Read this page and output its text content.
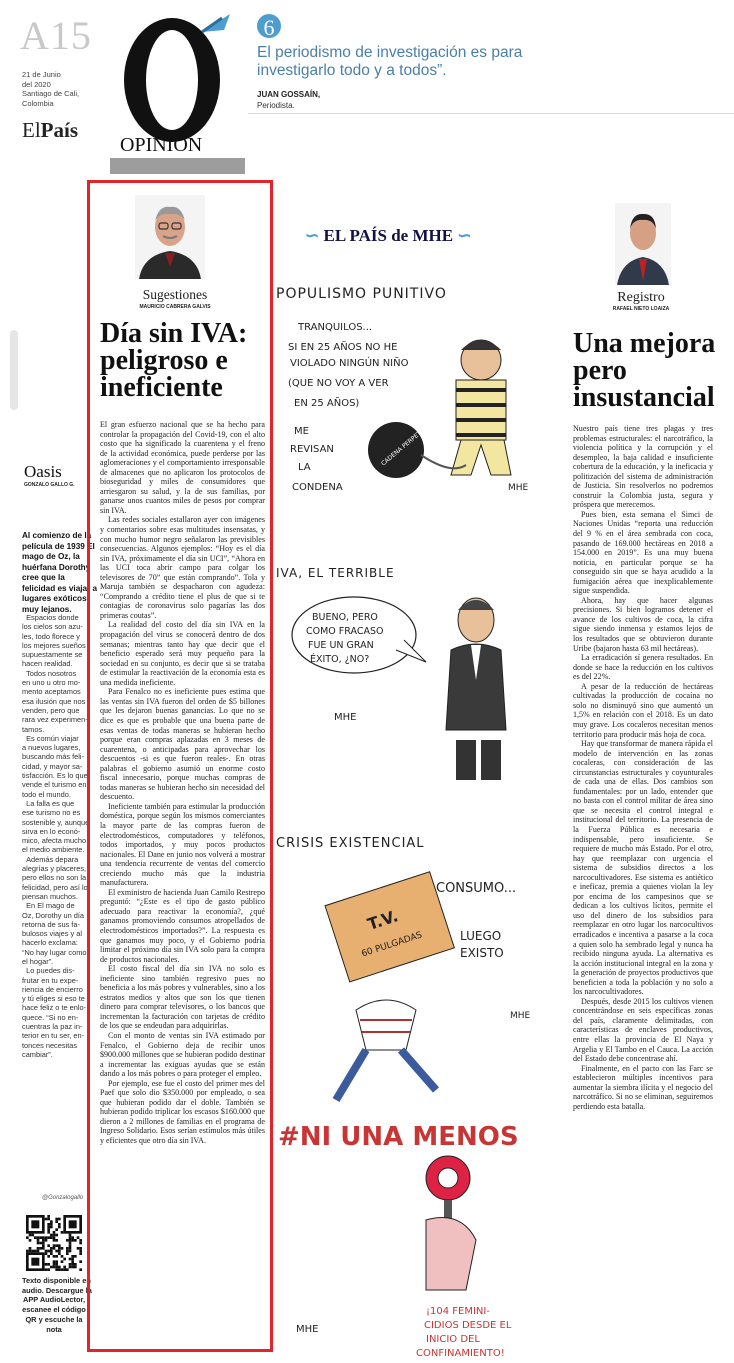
A15
21 de Junio
del 2020
Santiago de Cali,
Colombia
ElPaís
OPINIÓN
6
El periodismo de investigación es para investigarlo todo y a todos”.
JUAN GOSSAÍN,
Periodista.
Oasis
GONZALO GALLO G.
Al comienzo de la
película de 1939 El
mago de Oz, la
huérfana Dorothy
cree que la
felicidad es viajar a
lugares exóticos
muy lejanos.
Espacios donde
los cielos son azu-
les, todo florece y
los mejores sueños
supuestamente se
hacen realidad.
Todos nosotros
en uno u otro mo-
mento aceptamos
esa ilusión que nos
venden, pero que
rara vez experimen-
tamos.
Es común viajar
a nuevos lugares,
buscando más feli-
cidad, y mayor sa-
tisfacción. Es lo que
vende el turismo en
todo el mundo.
La falla es que
ese turismo no es
sostenible y, aunque
sirva en lo econó-
mico, afecta mucho
el medio ambiente.
Además depara
alegrías y placeres,
pero ellos no son la
felicidad, pero así lo
piensan muchos.
En El mago de
Oz, Dorothy un día
retorna de sus fa-
bulosos viajes y al
hacerlo exclama:
“No hay lugar como
el hogar”.
Lo puedes dis-
frutar en tu expe-
riencia de encierro
y tú eliges si eso te
hace feliz o te enlo-
quece. “Si no en-
cuentras la paz in-
terior en tu ser, en-
tonces necesitas
cambiar”.
@Gonzalogallo
Texto disponible en
audio. Descargue la
APP AudioLector,
escanee el código
QR y escuche la
nota
Sugestiones
MAURICIO CABRERA GALVIS
Día sin IVA:
peligroso e
ineficiente

El gran esfuerzo nacional que se ha hecho para controlar la propagación del Covid-19, con el alto costo que ha significado la cuarentena y el freno de la actividad económica, puede perderse por las aglomeraciones y el comportamiento irresponsable de almacenes que no aplicaron los protocolos de bioseguridad y miles de consumidores que arriesgaron su salud, y la de sus familias, por ganarse unos cuantos miles de pesos por comprar sin IVA.

 Las redes sociales estallaron ayer con imágenes y comentarios sobre esas multitudes insensatas, y con mucho humor negro señalaron las previsibles consecuencias. Algunos ejemplos: “Hoy es el día sin IVA, próximamente el día sin UCI”, “Ahora en las UCI toca abrir campo para colgar los televisores de 70” que están comprando”. Tola y Maruja también se despacharon con agudeza: “Comprando a crédito tiene el plus de que si te contagias de coronavirus solo pagarías las dos primeras coutas”.

 La realidad del costo del día sin IVA en la propagación del virus se conocerá dentro de dos semanas; mientras tanto hay que decir que el beneficio esperado será muy pequeño para la sociedad en su conjunto, es decir que si se trataba de estimular la reactivación de la economía esta es una medida ineficiente.

 Para Fenalco no es ineficiente pues estima que las ventas sin IVA fueron del orden de $5 billones que les dejaron buenas ganancias. Lo que no se dice es que es probable que una buena parte de esas ventas de todas maneras se hubieran hecho porque eran compras aplazadas en 3 meses de cuarentena, o anticipadas para aprovechar los descuentos -si es que fueron reales-. En otras palabras el gobierno asumió un enorme costo fiscal innecesario, porque muchas compras de todas maneras se hubieran hecho sin necesidad del descuento.

 Ineficiente también para estimular la producción doméstica, porque según los mismos comerciantes la mayor parte de las compras fueron de electrodomésticos, computadores y teléfonos, todos importados, y muy pocos productos nacionales. El Dane en junio nos volverá a mostrar una tendencia recurrente de ventas del comercio creciendo mucho más que la industria manufacturera.

 El exministro de hacienda Juan Camilo Restrepo preguntó: “¿Este es el tipo de gasto público adecuado para reactivar la economía?, ¿qué ganamos promoviendo consumos atropellados de electrodomésticos importados?”. La respuesta es que ganamos muy poco, y el Gobierno podría limitar el próximo día sin IVA solo para la compra de productos nacionales.

 El costo fiscal del día sin IVA no solo es ineficiente sino también regresivo pues no beneficia a los más pobres y vulnerables, sino a los estratos medios y altos que son los que tienen dinero para comprar televisores, o los bancos que incrementan la facturación con tarjetas de crédito de los que se endeudan para adquirirlas.

 Con el monto de ventas sin IVA estimado por Fenalco, el Gobierno deja de recibir unos $900.000 millones que se hubieran podido destinar a incrementar las exiguas ayudas que se están dando a los más pobres o para proteger el empleo.

 Por ejemplo, ese fue el costo del primer mes del Paef que solo dio $350.000 por empleado, o sea que hubieran podido dar el doble. También se hubieran podido triplicar los escasos $160.000 que dieron a 2 millones de familias en el programa de Ingreso Solidario. Esos serían estímulos más útiles y eficientes que otro día sin IVA.

∽ EL PAÍS de MHE ∽
POPULISMO PUNITIVO
TRANQUILOS...
SI EN 25 AÑOS NO HE
VIOLADO NINGÚN NIÑO
(QUE NO VOY A VER
EN 25 AÑOS)
ME
REVISAN
LA
CONDENA
CADENA PERPETUA
MHE
IVA, EL TERRIBLE
BUENO, PERO
COMO FRACASO
FUE UN GRAN
ÉXITO, ¿NO?
MHE
CRISIS EXISTENCIAL
CONSUMO...
T.V.
60 PULGADAS	LUEGO
EXISTO
MHE
#NI UNA MENOS
¡104 FEMINI-
CIDIOS DESDE EL
INICIO DEL
CONFINAMIENTO!
MHE
Registro
RAFAEL NIETO LOAIZA
Una mejora
pero
insustancial

Nuestro país tiene tres plagas y tres problemas estructurales: el narcotráfico, la violencia política y la corrupción y el desempleo, la baja calidad e insuficiente cobertura de la educación, y la ineficacia y politización del sistema de administración de Justicia. Sin resolverlos no podremos construir la Colombia justa, segura y próspera que merecemos.

 Pues bien, esta semana el Simci de Naciones Unidas “reporta una reducción del 9 % en el área sembrada con coca, pasando de 169.000 hectáreas en 2018 a 154.000 en 2019”. Es una muy buena noticia, en particular porque se ha conseguido sin que se haya acudido a la fumigación aérea que inexplicablemente sigue suspendida.

 Ahora, hay que hacer algunas precisiones. Si bien logramos detener el avance de los cultivos de coca, la cifra sigue siendo inmensa y estamos lejos de los resultados que se obtuvieron durante Uribe (bajaron hasta 63 mil hectáreas).

 La erradicación sí genera resultados. En donde se hace la reducción en los cultivos es del 22%.

 A pesar de la reducción de hectáreas cultivadas la producción de cocaína no solo no disminuyó sino que aumentó un 1,5% en relación con el 2018. Es un dato muy grave. Los cocaleros necesitan menos territorio para producir más hoja de coca.

 Hay que transformar de manera rápida el modelo de intervención en las zonas cocaleras, con consideración de las circunstancias estructurales y coyunturales de cada una de ellas. Dos cambios son fundamentales: por un lado, entender que no basta con el control militar de área sino que se necesita el control integral e institucional del territorio. La presencia de la Fuerza Pública es necesaria e indispensable, pero insuficiente. Se requiere de mucho más Estado. Por el otro, hay que reemplazar con urgencia el sistema de subsidios directos a los narcocultivadores. Ese sistema es antiético e ineficaz, premia a quienes violan la ley por encima de los campesinos que se dedican a los cultivos lícitos, permite el uso del dinero de los subsidios para reemplazar en otro lugar los narcocultivos erradicados e incentiva a pasarse a la coca a quien solo ha sembrado legal y nunca ha recibido ninguna ayuda. La alternativa es la acción institucional integral en la zona y la generación de proyectos productivos que beneficien a toda la población y no solo a los narcocultivadores.

 Después, desde 2015 los cultivos vienen concentrándose en seis específicas zonas del país, claramente delimitadas, con características de enclaves productivos, entre ellas la provincia de El Naya y Argelia y El Tambo en el Cauca. La acción del Estado debe concentrase ahí.

 Finalmente, en el pacto con las Farc se establecieron múltiples incentivos para aumentar la siembra ilícita y el negocio del narcotráfico. Si no se eliminan, seguiremos perdiendo esta batalla.
